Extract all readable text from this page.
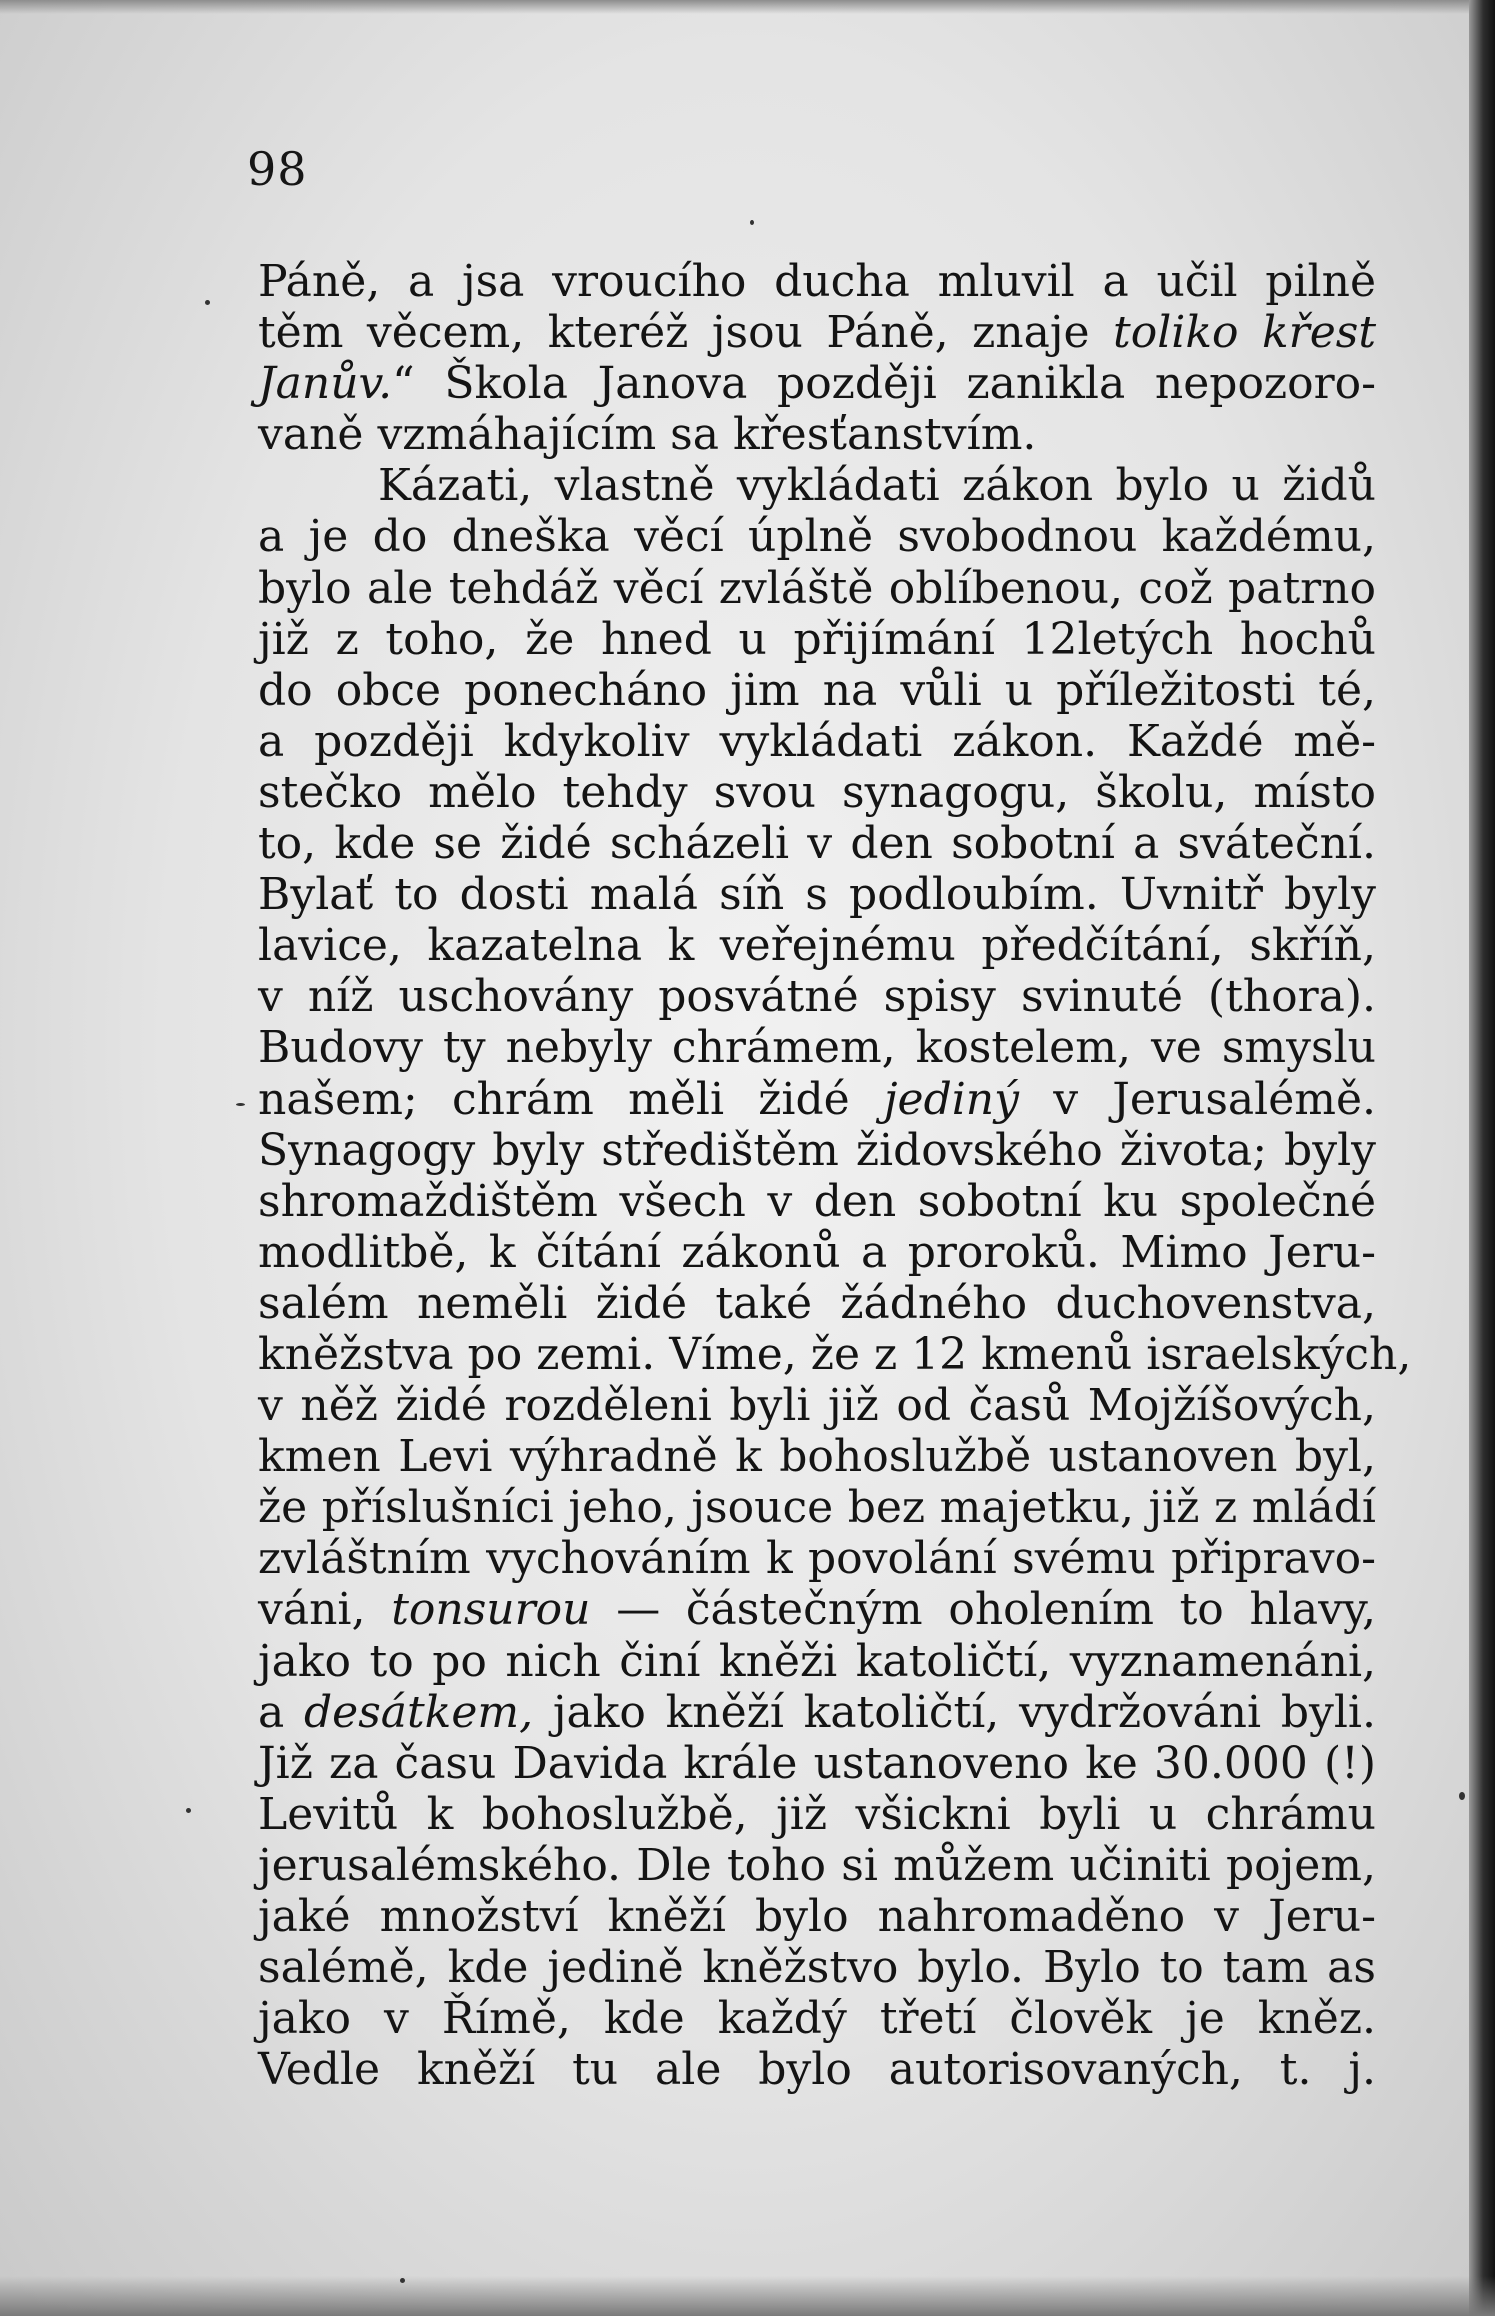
98
Páně, a jsa vroucího ducha mluvil a učil pilně
těm věcem, kteréž jsou Páně, znaje toliko křest
Janův.“ Škola Janova později zanikla nepozoro-
vaně vzmáhajícím sa křesťanstvím.
Kázati, vlastně vykládati zákon bylo u židů
a je do dneška věcí úplně svobodnou každému,
bylo ale tehdáž věcí zvláště oblíbenou, což patrno
již z toho, že hned u přijímání 12letých hochů
do obce ponecháno jim na vůli u příležitosti té,
a později kdykoliv vykládati zákon. Každé mě-
stečko mělo tehdy svou synagogu, školu, místo
to, kde se židé scházeli v den sobotní a sváteční.
Bylať to dosti malá síň s podloubím. Uvnitř byly
lavice, kazatelna k veřejnému předčítání, skříň,
v níž uschovány posvátné spisy svinuté (thora).
Budovy ty nebyly chrámem, kostelem, ve smyslu
našem; chrám měli židé jediný v Jerusalémě.
Synagogy byly středištěm židovského života; byly
shromaždištěm všech v den sobotní ku společné
modlitbě, k čítání zákonů a proroků. Mimo Jeru-
salém neměli židé také žádného duchovenstva,
kněžstva po zemi. Víme, že z 12 kmenů israelských,
v něž židé rozděleni byli již od časů Mojžíšových,
kmen Levi výhradně k bohoslužbě ustanoven byl,
že příslušníci jeho, jsouce bez majetku, již z mládí
zvláštním vychováním k povolání svému připravo-
váni, tonsurou — částečným oholením to hlavy,
jako to po nich činí kněži katoličtí, vyznamenáni,
a desátkem, jako kněží katoličtí, vydržováni byli.
Již za času Davida krále ustanoveno ke 30.000 (!)
Levitů k bohoslužbě, již všickni byli u chrámu
jerusalémského. Dle toho si můžem učiniti pojem,
jaké množství kněží bylo nahromaděno v Jeru-
salémě, kde jedině kněžstvo bylo. Bylo to tam as
jako v Římě, kde každý třetí člověk je kněz.
Vedle kněží tu ale bylo autorisovaných, t. j.
